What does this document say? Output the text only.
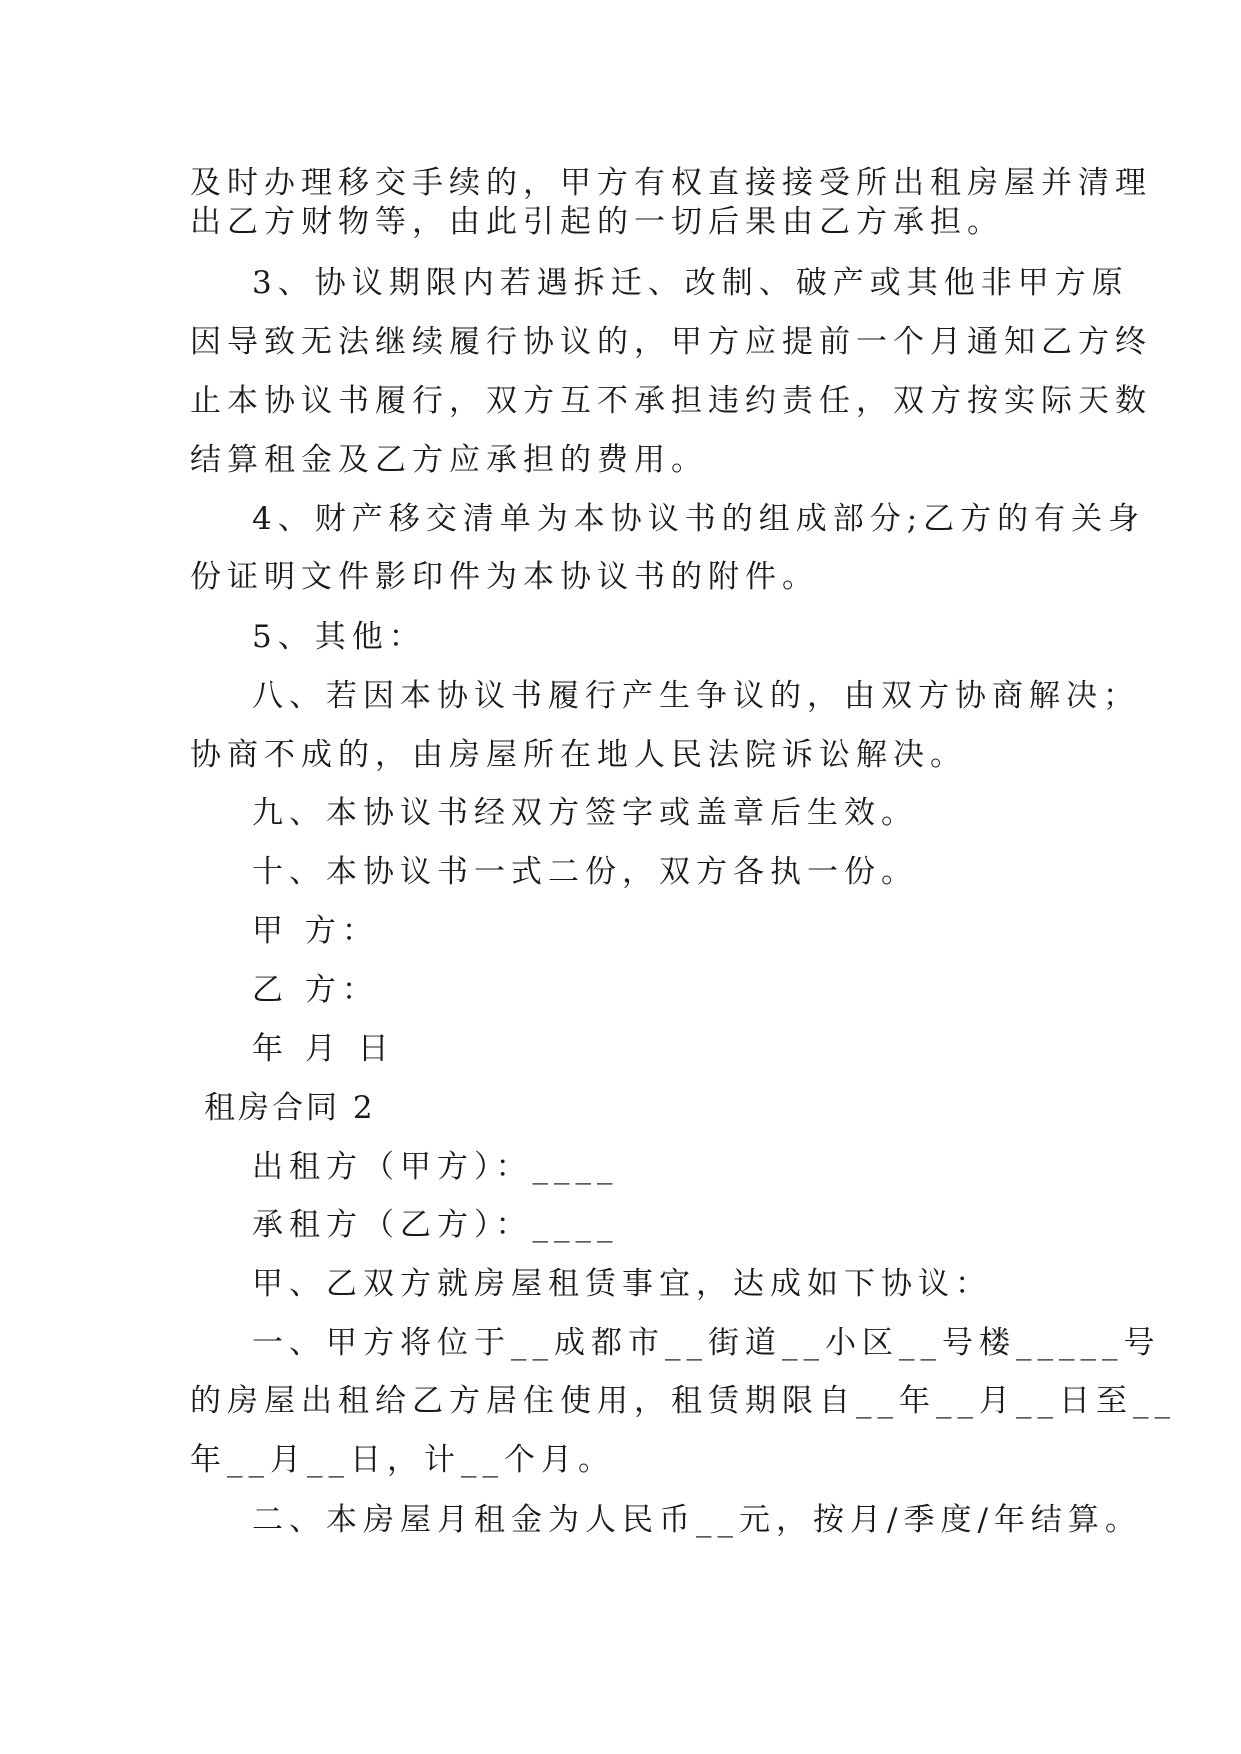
及时办理移交手续的，甲方有权直接接受所出租房屋并清理

出乙方财物等，由此引起的一切后果由乙方承担。

3、协议期限内若遇拆迁、改制、破产或其他非甲方原

因导致无法继续履行协议的，甲方应提前一个月通知乙方终

止本协议书履行，双方互不承担违约责任，双方按实际天数

结算租金及乙方应承担的费用。

4、财产移交清单为本协议书的组成部分;乙方的有关身

份证明文件影印件为本协议书的附件。

5、其他：

八、若因本协议书履行产生争议的，由双方协商解决；

协商不成的，由房屋所在地人民法院诉讼解决。

九、本协议书经双方签字或盖章后生效。

十、本协议书一式二份，双方各执一份。

甲 方：

乙 方：

年 月 日

租房合同 2

出租方（甲方）：____

承租方（乙方）：____

甲、乙双方就房屋租赁事宜，达成如下协议：

一、甲方将位于__成都市__街道__小区__号楼_____号

的房屋出租给乙方居住使用，租赁期限自__年__月__日至__

年__月__日，计__个月。

二、本房屋月租金为人民币__元，按月/季度/年结算。
